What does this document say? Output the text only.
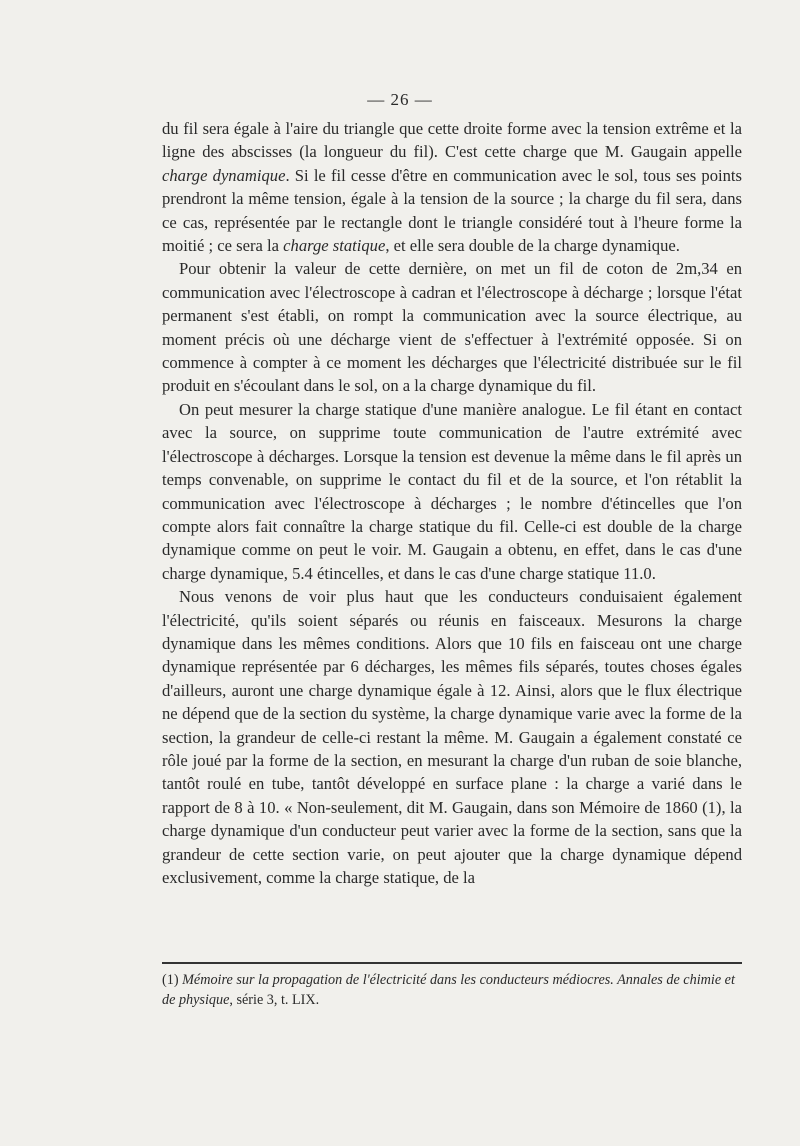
— 26 —

du fil sera égale à l'aire du triangle que cette droite forme avec la tension extrême et la ligne des abscisses (la longueur du fil). C'est cette charge que M. Gaugain appelle charge dynamique. Si le fil cesse d'être en communication avec le sol, tous ses points prendront la même tension, égale à la tension de la source ; la charge du fil sera, dans ce cas, représentée par le rectangle dont le triangle considéré tout à l'heure forme la moitié ; ce sera la charge statique, et elle sera double de la charge dynamique.

Pour obtenir la valeur de cette dernière, on met un fil de coton de 2m,34 en communication avec l'électroscope à cadran et l'électroscope à décharge ; lorsque l'état permanent s'est établi, on rompt la communication avec la source électrique, au moment précis où une décharge vient de s'effectuer à l'extrémité opposée. Si on commence à compter à ce moment les décharges que l'électricité distribuée sur le fil produit en s'écoulant dans le sol, on a la charge dynamique du fil.

On peut mesurer la charge statique d'une manière analogue. Le fil étant en contact avec la source, on supprime toute communication de l'autre extrémité avec l'électroscope à décharges. Lorsque la tension est devenue la même dans le fil après un temps convenable, on supprime le contact du fil et de la source, et l'on rétablit la communication avec l'électroscope à décharges ; le nombre d'étincelles que l'on compte alors fait connaître la charge statique du fil. Celle-ci est double de la charge dynamique comme on peut le voir. M. Gaugain a obtenu, en effet, dans le cas d'une charge dynamique, 5.4 étincelles, et dans le cas d'une charge statique 11.0.

Nous venons de voir plus haut que les conducteurs conduisaient également l'électricité, qu'ils soient séparés ou réunis en faisceaux. Mesurons la charge dynamique dans les mêmes conditions. Alors que 10 fils en faisceau ont une charge dynamique représentée par 6 décharges, les mêmes fils séparés, toutes choses égales d'ailleurs, auront une charge dynamique égale à 12. Ainsi, alors que le flux électrique ne dépend que de la section du système, la charge dynamique varie avec la forme de la section, la grandeur de celle-ci restant la même. M. Gaugain a également constaté ce rôle joué par la forme de la section, en mesurant la charge d'un ruban de soie blanche, tantôt roulé en tube, tantôt développé en surface plane : la charge a varié dans le rapport de 8 à 10. « Non-seulement, dit M. Gaugain, dans son Mémoire de 1860 (1), la charge dynamique d'un conducteur peut varier avec la forme de la section, sans que la grandeur de cette section varie, on peut ajouter que la charge dynamique dépend exclusivement, comme la charge statique, de la

(1) Mémoire sur la propagation de l'électricité dans les conducteurs médiocres. Annales de chimie et de physique, série 3, t. LIX.
